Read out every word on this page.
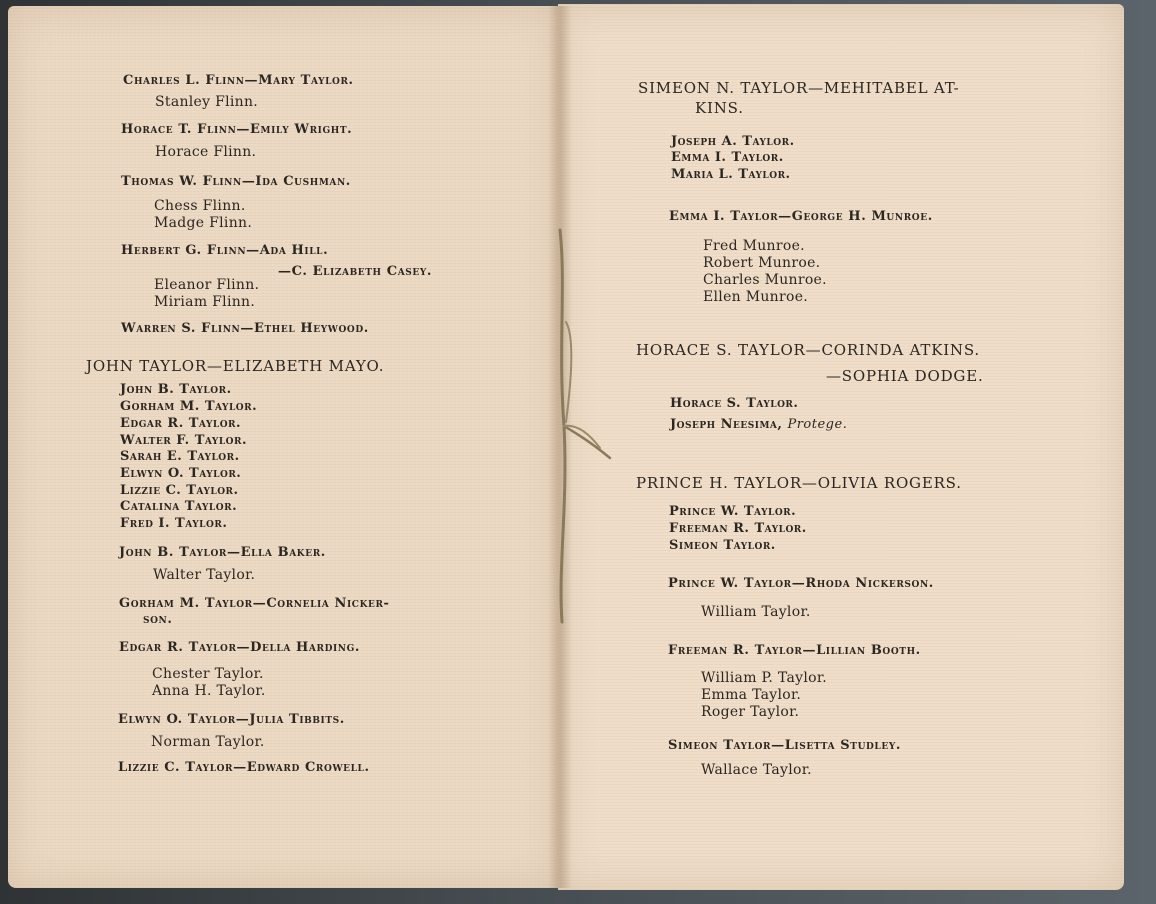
Charles L. Flinn—Mary Taylor.
Stanley Flinn.
Horace T. Flinn—Emily Wright.
Horace Flinn.
Thomas W. Flinn—Ida Cushman.
Chess Flinn.
Madge Flinn.
Herbert G. Flinn—Ada Hill.
—C. Elizabeth Casey.
Eleanor Flinn.
Miriam Flinn.
Warren S. Flinn—Ethel Heywood.
JOHN TAYLOR—ELIZABETH MAYO.
John B. Taylor.
Gorham M. Taylor.
Edgar R. Taylor.
Walter F. Taylor.
Sarah E. Taylor.
Elwyn O. Taylor.
Lizzie C. Taylor.
Catalina Taylor.
Fred I. Taylor.
John B. Taylor—Ella Baker.
Walter Taylor.
Gorham M. Taylor—Cornelia Nicker-
son.
Edgar R. Taylor—Della Harding.
Chester Taylor.
Anna H. Taylor.
Elwyn O. Taylor—Julia Tibbits.
Norman Taylor.
Lizzie C. Taylor—Edward Crowell.
SIMEON N. TAYLOR—MEHITABEL AT-
KINS.
Joseph A. Taylor.
Emma I. Taylor.
Maria L. Taylor.
Emma I. Taylor—George H. Munroe.
Fred Munroe.
Robert Munroe.
Charles Munroe.
Ellen Munroe.
HORACE S. TAYLOR—CORINDA ATKINS.
—SOPHIA DODGE.
Horace S. Taylor.
Joseph Neesima, Protege.
PRINCE H. TAYLOR—OLIVIA ROGERS.
Prince W. Taylor.
Freeman R. Taylor.
Simeon Taylor.
Prince W. Taylor—Rhoda Nickerson.
William Taylor.
Freeman R. Taylor—Lillian Booth.
William P. Taylor.
Emma Taylor.
Roger Taylor.
Simeon Taylor—Lisetta Studley.
Wallace Taylor.
